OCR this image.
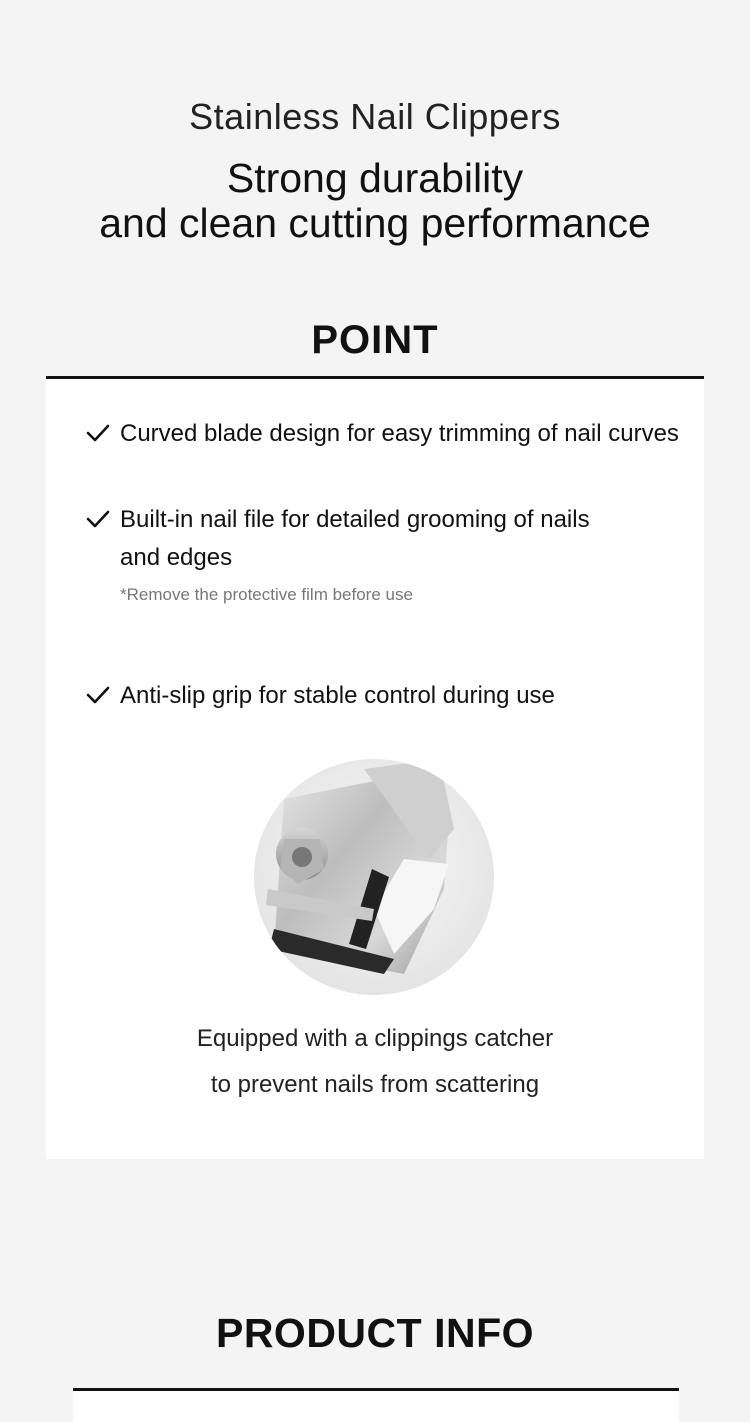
Stainless Nail Clippers
Strong durability
and clean cutting performance
POINT
Curved blade design for easy trimming of nail curves
Built-in nail file for detailed grooming of nails
and edges
*Remove the protective film before use
Anti-slip grip for stable control during use
Equipped with a clippings catcher
to prevent nails from scattering
PRODUCT INFO
